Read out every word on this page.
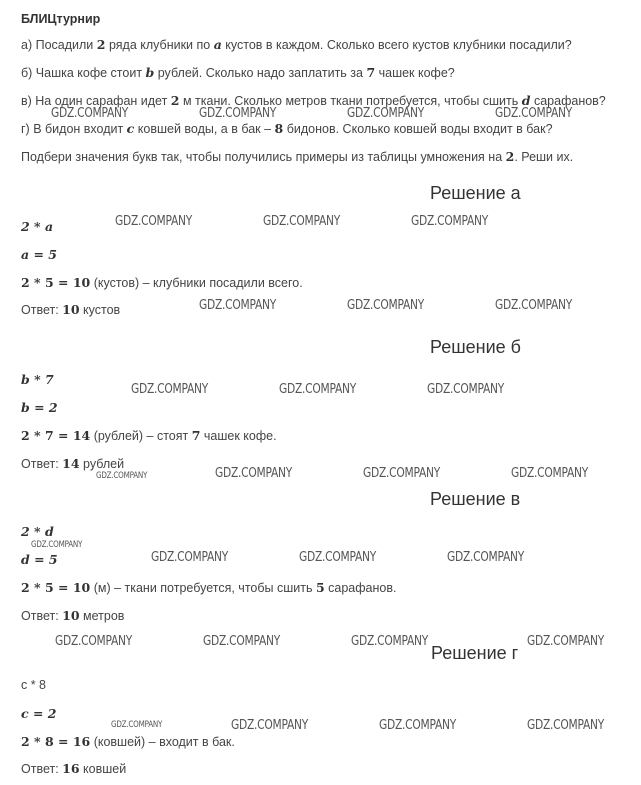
БЛИЦтурнир
а) Посадили 2 ряда клубники по a кустов в каждом. Сколько всего кустов клубники посадили?
б) Чашка кофе стоит b рублей. Сколько надо заплатить за 7 чашек кофе?
в) На один сарафан идет 2 м ткани. Сколько метров ткани потребуется, чтобы сшить d сарафанов?
г) В бидон входит c ковшей воды, а в бак – 8 бидонов. Сколько ковшей воды входит в бак?
Подбери значения букв так, чтобы получились примеры из таблицы умножения на 2. Реши их.
Решение а
2 * a
a = 5
2 * 5 = 10 (кустов) – клубники посадили всего.
Ответ: 10 кустов
Решение б
b * 7
b = 2
2 * 7 = 14 (рублей) – стоят 7 чашек кофе.
Ответ: 14 рублей
Решение в
2 * d
d = 5
2 * 5 = 10 (м) – ткани потребуется, чтобы сшить 5 сарафанов.
Ответ: 10 метров
Решение г
c * 8
c = 2
2 * 8 = 16 (ковшей) – входит в бак.
Ответ: 16 ковшей
GDZ.COMPANY	GDZ.COMPANY	GDZ.COMPANY	GDZ.COMPANY
GDZ.COMPANY	GDZ.COMPANY	GDZ.COMPANY
GDZ.COMPANY	GDZ.COMPANY	GDZ.COMPANY
GDZ.COMPANY	GDZ.COMPANY	GDZ.COMPANY
GDZ.COMPANY	GDZ.COMPANY	GDZ.COMPANY	GDZ.COMPANY
GDZ.COMPANY
GDZ.COMPANY	GDZ.COMPANY	GDZ.COMPANY
GDZ.COMPANY	GDZ.COMPANY	GDZ.COMPANY	GDZ.COMPANY
GDZ.COMPANY	GDZ.COMPANY	GDZ.COMPANY	GDZ.COMPANY
